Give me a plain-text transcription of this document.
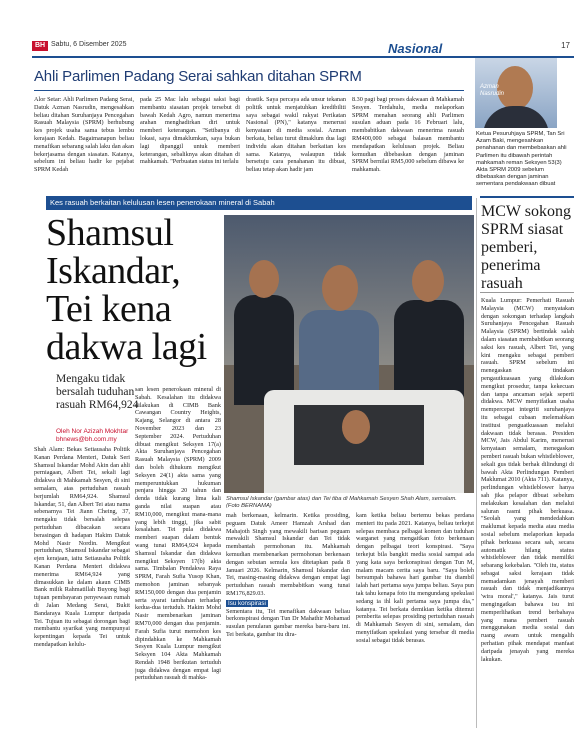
BH Sabtu, 6 Disember 2025	Nasional	17
Ahli Parlimen Padang Serai sahkan ditahan SPRM
Azman
Nasrudin
Alor Setar: Ahli Parlimen Padang Serai, Datuk Azman Nasrudin, mengesahkan beliau ditahan Suruhanjaya Pencegahan Rasuah Malaysia (SPRM) berhubung kes projek usaha sama tebus lembu kerajaan Kedah. Bagaimanapun beliau menafikan sebarang salah laku dan akan bekerjasama dengan siasatan. Katanya, sebelum ini beliau hadir ke pejabat SPRM Kedah
pada 25 Mac lalu sebagai saksi bagi membantu siasatan projek tersebut di bawah Kedah Agro, namun menerima arahan menghadirkan diri untuk memberi keterangan. "Setibanya di lokasi, saya dimaklumkan, saya bukan lagi dipanggil untuk memberi keterangan, sebaliknya akan ditahan di mahkamah. "Perbuatan status ini terlalu
drastik. Saya percaya ada unsur tekanan politik untuk menjatuhkan kredibiliti saya sebagai wakil rakyat Perikatan Nasional (PN)," katanya menerusi kenyataan di media sosial. Azman berkata, beliau turut dimaklum dua lagi individu akan ditahan berkaitan kes sama. Katanya, walaupun tidak bersetuju cara penahanan itu dibuat, beliau tetap akan hadir jam
8.30 pagi bagi proses dakwaan di Mahkamah Sesyen. Terdahulu, media melaporkan SPRM menahan seorang ahli Parlimen susulan aduan pada 16 Februari lalu, membabitkan dakwaan menerima rasuah RM400,000 sebagai balasan membantu mendapatkan kelulusan projek. Beliau kemudian dibebaskan dengan jaminan SPRM bernilai RM5,000 sebelum dibawa ke mahkamah.
Ketua Pesuruhjaya SPRM, Tan Sri Azam Baki, mengesahkan penahanan dan membebaskan ahli Parlimen itu dibawah perintah mahkamah reman Seksyen 53(3) Akta SPRM 2009 sebelum dibebaskan dengan jaminan sementara pendakwaan dibuat
Kes rasuah berkaitan kelulusan lesen penerokaan mineral di Sabah
Shamsul Iskandar, Tei kena dakwa lagi
Mengaku tidak bersalah tuduhan rasuah RM64,924
Oleh Nor Azizah Mokhtar
bhnews@bh.com.my
Shamsul Iskandar (gambar atas) dan Tei tiba di Mahkamah Sesyen Shah Alam, semalam. (Foto BERNAMA)
Shah Alam: Bekas Setiausaha Politik Kanan Perdana Menteri, Datuk Seri Shamsul Iskandar Mohd Akin dan ahli perniagaan, Albert Tei, sekali lagi didakwa di Mahkamah Sesyen, di sini semalam, atas pertuduhan rasuah berjumlah RM64,924. Shamsul Iskandar, 51, dan Albert Tei atau nama sebenarnya Tei Jiann Cheing, 37, mengaku tidak bersalah selepas pertuduhan dibacakan secara berasingan di hadapan Hakim Datuk Mohd Nasir Nordin. Mengikut pertuduhan, Shamsul Iskandar sebagai ejen kerajaan, iaitu Setiausaha Politik Kanan Perdana Menteri didakwa menerima RM64,924 yang dimasukkan ke dalam akaun CIMB Bank milik Rahmatillah Buyong bagi tujuan pembayaran penyewaan rumah di Jalan Medang Serai, Bukit Bandaraya Kuala Lumpur daripada Tei. Tujuan itu sebagai dorongan bagi membantu syarikat yang mempunyai kepentingan kepada Tei untuk mendapatkan kelulu-
san lesen penerokaan mineral di Sabah. Kesalahan itu didakwa dilakukan di CIMB Bank Cawangan Country Heights, Kajang, Selangor di antara 28 November 2023 dan 23 September 2024. Pertuduhan dibuat mengikut Seksyen 17(a) Akta Suruhanjaya Pencegahan Rasuah Malaysia (SPRM) 2009 dan boleh dihukum mengikut Seksyen 24(1) akta sama yang memperuntukkan hukuman penjara hingga 20 tahun dan denda tidak kurang lima kali ganda nilai suapan atau RM10,000, mengikut mana-mana yang lebih tinggi, jika sabit kesalahan. Tei pula didakwa memberi suapan dalam bentuk wang tunai RM64,924 kepada Shamsul Iskandar dan didakwa mengikut Seksyen 17(b) akta sama. Timbalan Pendakwa Raya SPRM, Farah Sufia Yusop Khan, memohon jaminan sebanyak RM150,000 dengan dua penjamin serta syarat tambahan terhadap kedua-dua tertuduh. Hakim Mohd Nasir membenarkan jaminan RM70,000 dengan dua penjamin. Farah Sufia turut memohon kes dipindahkan ke Mahkamah Sesyen Kuala Lumpur mengikut Seksyen 104 Akta Mahkamah Rendah 1948 berikutan tertuduh juga didakwa dengan empat lagi pertuduhan rasuah di mahka-
mah berkenaan, kelmarin. Ketika prosiding, peguam Datuk Ameer Hamzah Arshad dan Mahajoth Singh yang mewakili barisan peguam mewakili Shamsul Iskandar dan Tei tidak membantah permohonan itu. Mahkamah kemudian membenarkan permohonan berkenaan dengan sebutan semula kes ditetapkan pada 8 Januari 2026. Kelmarin, Shamsul Iskandar dan Tei, masing-masing didakwa dengan empat lagi pertuduhan rasuah membabitkan wang tunai RM176,829.03.
Isu konspirasi
Sementara itu, Tei menafikan dakwaan beliau berkonspirasi dengan Tun Dr Mahathir Mohamad susulan penularan gambar mereka baru-baru ini. Tei berkata, gambar itu dira-
kam ketika beliau bertemu bekas perdana menteri itu pada 2021. Katanya, beliau terkejut selepas membaca pelbagai komen dan tuduhan warganet yang mengaitkan foto berkenaan dengan pelbagai teori konspirasi. "Saya terkejut bila bangkit media sosial sampai ada yang kata saya berkonspirasi dengan Tun M, malam macam cerita saya baru. "Saya boleh bersumpah bahawa hari gambar itu diambil ialah hari pertama saya jumpa beliau. Saya pun tak tahu kenapa foto itu mengundang spekulasi sedang ia ihl kali pertama saya jumpa dia," katanya. Tei berkata demikian ketika ditemui pemberita selepas prosiding pertuduhan rasuah di Mahkamah Sesyen di sini, semalam, dan menyifatkan spekulasi yang tersebar di media sosial sebagai tidak berasas.
MCW sokong SPRM siasat pemberi, penerima rasuah
Kuala Lumpur: Pemerhati Rasuah Malaysia (MCW) menyatakan dengan sokongan terhadap langkah Suruhanjaya Pencegahan Rasuah Malaysia (SPRM) bertindak salah dalam siasatan membabitkan seorang saksi kes rasuah, Albert Tei, yang kini mengaku sebagai pemberi rasuah. SPRM sebelum ini menegaskan tindakan pengautkuasaan yang dilakukan mengikut prosedur, tanpa kekecuan dan tanpa ancaman sejak seperti didakwa. MCW menyifatkan usaha mempercepat integriti suruhanjaya itu sebagai cubaan melemahkan institusi penguatkuasaan melalui dakwaan tidak berasas. Presiden MCW, Jais Abdul Karim, menerusi kenyataan semalam, menegaskan pemberi rasuah bukan whistleblower, sekali gus tidak berhak dilindungi di bawah Akta Perlindungan Pemberi Maklumat 2010 (Akta 711). Katanya, perlindungan whistleblower hanya sah jika pelapor dibuat sebelum melakukan kesalahan dan melalui saluran rasmi pihak berkuasa. "Seolah yang mendedahkan maklumat kepada media atau media sosial sebelum melaporkan kepada pihak berkuasa secara sah, secara automatik hilang status whistleblower dan tidak memiliki sebarang kekebalan. "Oleh itu, status sebagai saksi kerajaan tidak memadamkan jenayah memberi rasuah dan tidak menjadikannya 'wira moral'," katanya. Jais turut mengingatkan bahawa isu ini memperlihatkan trend berbahaya yang mana pemberi rasuah menggunakan media sosial dan ruang awam untuk mengalih perhatian pihak mendapat manfaat daripada jenayah yang mereka lakukan.
